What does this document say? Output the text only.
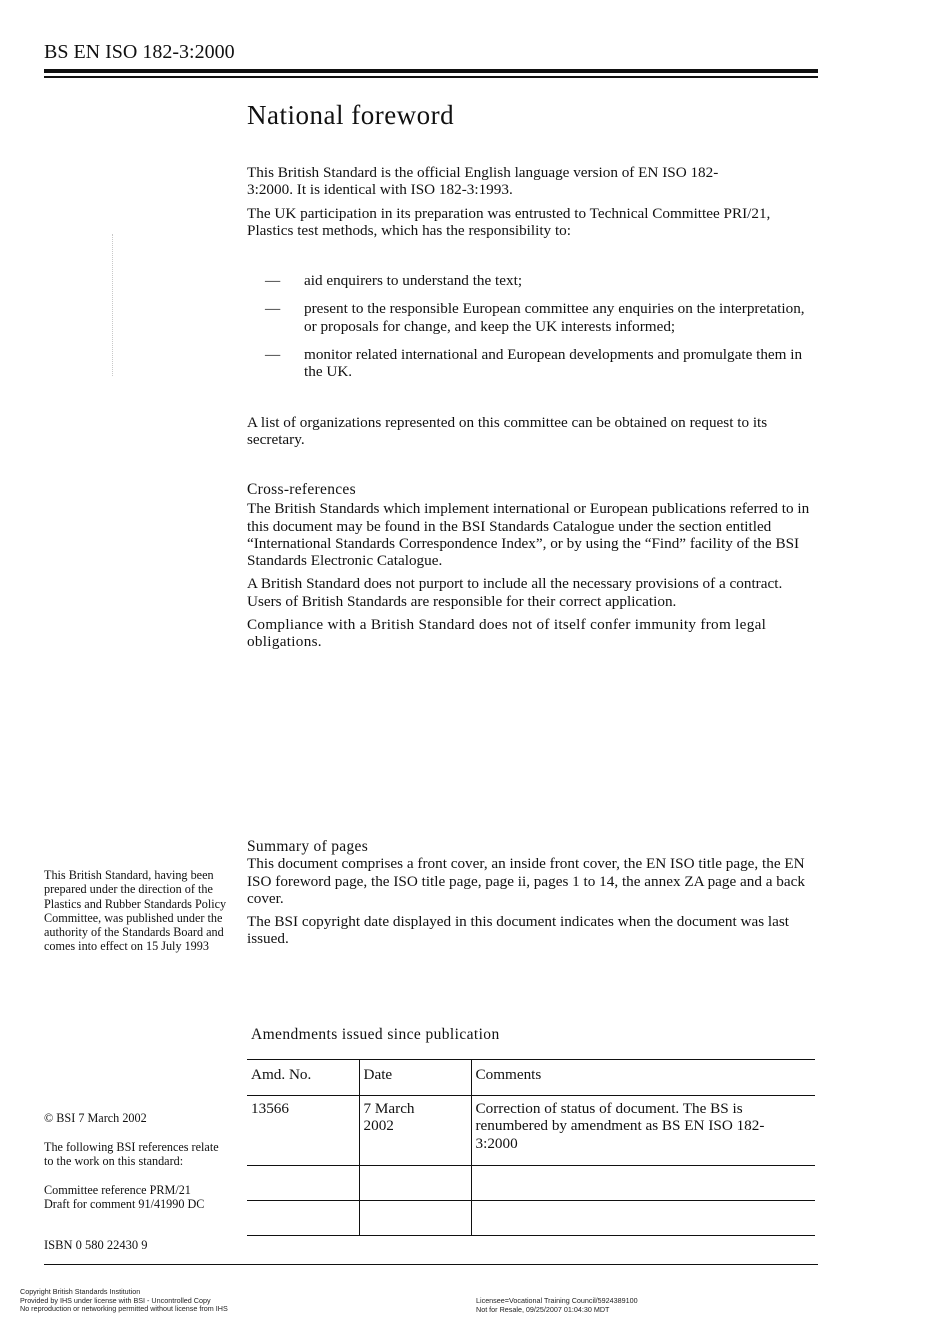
BS EN ISO 182-3:2000
National foreword

This British Standard is the official English language version of EN ISO 182-3:2000. It is identical with ISO 182-3:1993.

The UK participation in its preparation was entrusted to Technical Committee PRI/21, Plastics test methods, which has the responsibility to:

—	aid enquirers to understand the text;
—	present to the responsible European committee any enquiries on the interpretation, or proposals for change, and keep the UK interests informed;
—	monitor related international and European developments and promulgate them in the UK.

A list of organizations represented on this committee can be obtained on request to its secretary.

Cross-references

The British Standards which implement international or European publications referred to in this document may be found in the BSI Standards Catalogue under the section entitled “International Standards Correspondence Index”, or by using the “Find” facility of the BSI Standards Electronic Catalogue.

A British Standard does not purport to include all the necessary provisions of a contract. Users of British Standards are responsible for their correct application.

Compliance with a British Standard does not of itself confer immunity from legal obligations.

Summary of pages

This document comprises a front cover, an inside front cover, the EN ISO title page, the EN ISO foreword page, the ISO title page, page ii, pages 1 to 14, the annex ZA page and a back cover.

The BSI copyright date displayed in this document indicates when the document was last issued.

This British Standard, having been prepared under the direction of the Plastics and Rubber Standards Policy Committee, was published under the authority of the Standards Board and comes into effect on 15 July 1993
© BSI 7 March 2002
The following BSI references relate to the work on this standard:
Committee reference PRM/21
Draft for comment 91/41990 DC
Amendments issued since publication
Amd. No.	Date	Comments
13566	7 March 2002	Correction of status of document. The BS is renumbered by amendment as BS EN ISO 182-3:2000

ISBN 0 580 22430 9
Copyright British Standards Institution
Provided by IHS under license with BSI - Uncontrolled Copy
No reproduction or networking permitted without license from IHS
Licensee=Vocational Training Council/5924389100
Not for Resale, 09/25/2007 01:04:30 MDT
